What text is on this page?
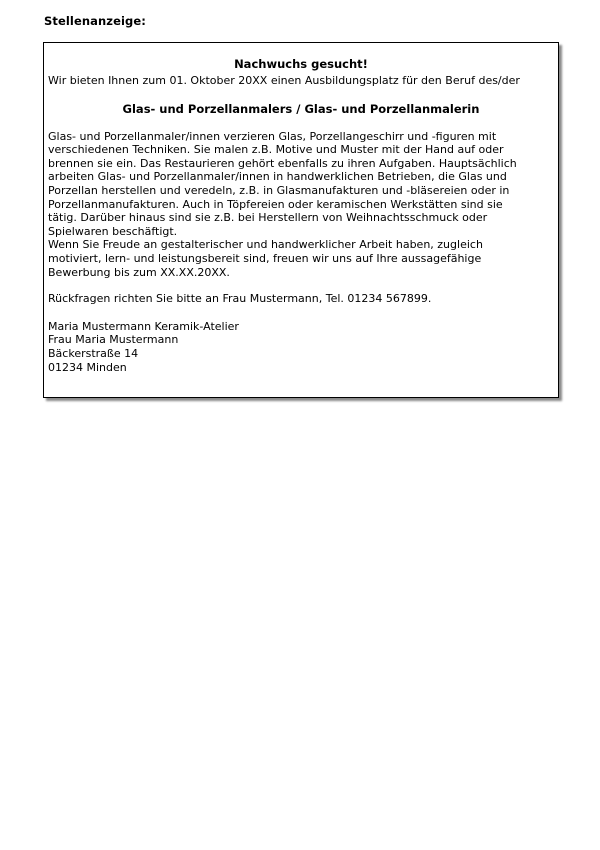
Stellenanzeige:
Nachwuchs gesucht!
Wir bieten Ihnen zum 01. Oktober 20XX einen Ausbildungsplatz für den Beruf des/der
Glas- und Porzellanmalers / Glas- und Porzellanmalerin
Glas- und Porzellanmaler/innen verzieren Glas, Porzellangeschirr und -figuren mit
verschiedenen Techniken. Sie malen z.B. Motive und Muster mit der Hand auf oder
brennen sie ein. Das Restaurieren gehört ebenfalls zu ihren Aufgaben. Hauptsächlich
arbeiten Glas- und Porzellanmaler/innen in handwerklichen Betrieben, die Glas und
Porzellan herstellen und veredeln, z.B. in Glasmanufakturen und -bläsereien oder in
Porzellanmanufakturen. Auch in Töpfereien oder keramischen Werkstätten sind sie
tätig. Darüber hinaus sind sie z.B. bei Herstellern von Weihnachtsschmuck oder
Spielwaren beschäftigt.
Wenn Sie Freude an gestalterischer und handwerklicher Arbeit haben, zugleich
motiviert, lern- und leistungsbereit sind, freuen wir uns auf Ihre aussagefähige
Bewerbung bis zum XX.XX.20XX.
Rückfragen richten Sie bitte an Frau Mustermann, Tel. 01234 567899.
Maria Mustermann Keramik-Atelier
Frau Maria Mustermann
Bäckerstraße 14
01234 Minden
